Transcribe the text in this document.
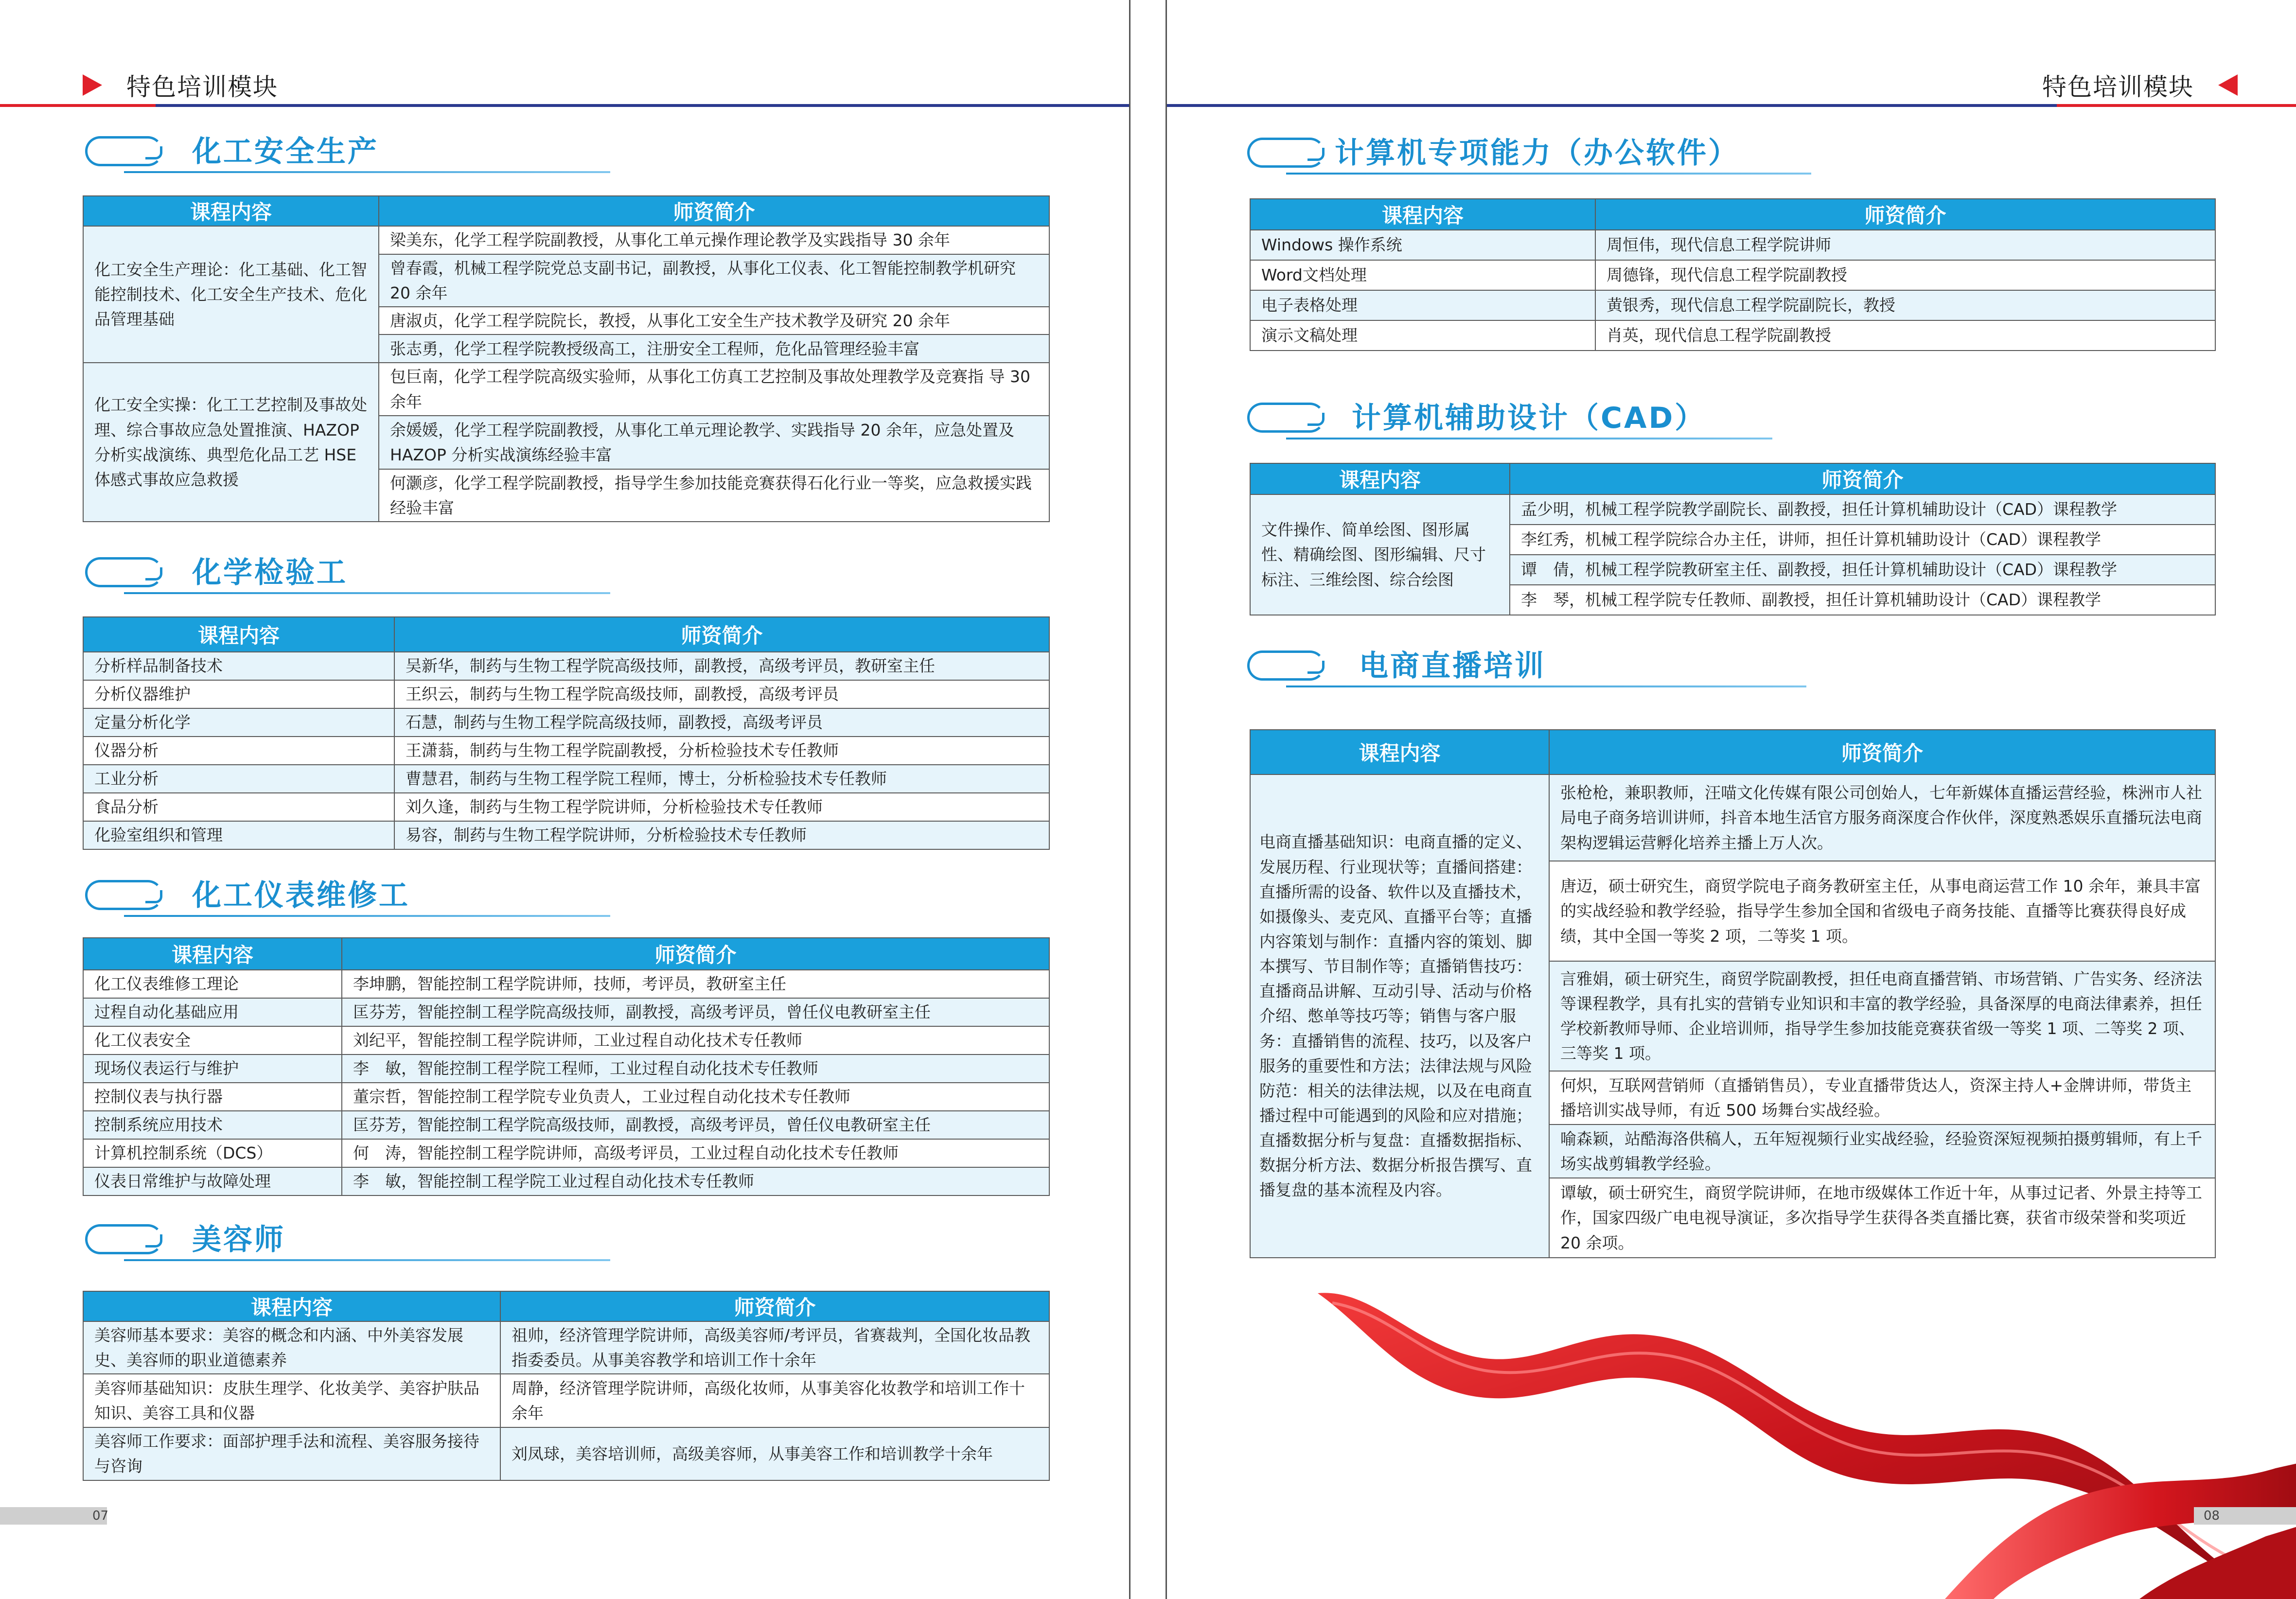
特色培训模块
化工安全生产
课程内容	师资简介
化工安全生产理论：化工基础、化工智能控制技术、化工安全生产技术、危化品管理基础	梁美东，化学工程学院副教授，从事化工单元操作理论教学及实践指导 30 余年
	曾春霞，机械工程学院党总支副书记，副教授，从事化工仪表、化工智能控制教学机研究 20 余年
	唐淑贞，化学工程学院院长，教授，从事化工安全生产技术教学及研究 20 余年
	张志勇，化学工程学院教授级高工，注册安全工程师，危化品管理经验丰富
化工安全实操：化工工艺控制及事故处理、综合事故应急处置推演、HAZOP 分析实战演练、典型危化品工艺 HSE 体感式事故应急救援	包巨南，化学工程学院高级实验师，从事化工仿真工艺控制及事故处理教学及竞赛指 导 30 余年
	余媛媛，化学工程学院副教授，从事化工单元理论教学、实践指导 20 余年，应急处置及 HAZOP 分析实战演练经验丰富
	何灏彦，化学工程学院副教授，指导学生参加技能竞赛获得石化行业一等奖，应急救援实践经验丰富
化学检验工
课程内容	师资简介
分析样品制备技术	吴新华，制药与生物工程学院高级技师，副教授，高级考评员，教研室主任
分析仪器维护	王织云，制药与生物工程学院高级技师，副教授，高级考评员
定量分析化学	石慧，制药与生物工程学院高级技师，副教授，高级考评员
仪器分析	王潇蓊，制药与生物工程学院副教授，分析检验技术专任教师
工业分析	曹慧君，制药与生物工程学院工程师，博士，分析检验技术专任教师
食品分析	刘久逢，制药与生物工程学院讲师，分析检验技术专任教师
化验室组织和管理	易容，制药与生物工程学院讲师，分析检验技术专任教师
化工仪表维修工
课程内容	师资简介
化工仪表维修工理论	李坤鹏，智能控制工程学院讲师，技师，考评员，教研室主任
过程自动化基础应用	匡芬芳，智能控制工程学院高级技师，副教授，高级考评员，曾任仪电教研室主任
化工仪表安全	刘纪平，智能控制工程学院讲师，工业过程自动化技术专任教师
现场仪表运行与维护	李　敏，智能控制工程学院工程师，工业过程自动化技术专任教师
控制仪表与执行器	董宗哲，智能控制工程学院专业负责人，工业过程自动化技术专任教师
控制系统应用技术	匡芬芳，智能控制工程学院高级技师，副教授，高级考评员，曾任仪电教研室主任
计算机控制系统（DCS）	何　涛，智能控制工程学院讲师，高级考评员，工业过程自动化技术专任教师
仪表日常维护与故障处理	李　敏，智能控制工程学院工业过程自动化技术专任教师
美容师
课程内容	师资简介
美容师基本要求：美容的概念和内涵、中外美容发展史、美容师的职业道德素养	祖帅，经济管理学院讲师，高级美容师/考评员，省赛裁判，全国化妆品教指委委员。从事美容教学和培训工作十余年
美容师基础知识：皮肤生理学、化妆美学、美容护肤品知识、美容工具和仪器	周静，经济管理学院讲师，高级化妆师，从事美容化妆教学和培训工作十余年
美容师工作要求：面部护理手法和流程、美容服务接待与咨询	刘凤球，美容培训师，高级美容师，从事美容工作和培训教学十余年
07
特色培训模块
计算机专项能力（办公软件）
课程内容	师资简介
Windows 操作系统	周恒伟，现代信息工程学院讲师
Word文档处理	周德锋，现代信息工程学院副教授
电子表格处理	黄银秀，现代信息工程学院副院长，教授
演示文稿处理	肖英，现代信息工程学院副教授
计算机辅助设计（CAD）
课程内容	师资简介
文件操作、简单绘图、图形属性、精确绘图、图形编辑、尺寸标注、三维绘图、综合绘图	孟少明，机械工程学院教学副院长、副教授，担任计算机辅助设计（CAD）课程教学
	李红秀，机械工程学院综合办主任，讲师，担任计算机辅助设计（CAD）课程教学
	谭　倩，机械工程学院教研室主任、副教授，担任计算机辅助设计（CAD）课程教学
	李　琴，机械工程学院专任教师、副教授，担任计算机辅助设计（CAD）课程教学
电商直播培训
课程内容	师资简介
电商直播基础知识：电商直播的定义、发展历程、行业现状等；直播间搭建：直播所需的设备、软件以及直播技术，如摄像头、麦克风、直播平台等；直播内容策划与制作：直播内容的策划、脚本撰写、节目制作等；直播销售技巧：直播商品讲解、互动引导、活动与价格介绍、憋单等技巧等；销售与客户服务：直播销售的流程、技巧，以及客户服务的重要性和方法；法律法规与风险防范：相关的法律法规，以及在电商直播过程中可能遇到的风险和应对措施；直播数据分析与复盘：直播数据指标、数据分析方法、数据分析报告撰写、直播复盘的基本流程及内容。	张枪枪，兼职教师，汪喵文化传媒有限公司创始人，七年新媒体直播运营经验，株洲市人社局电子商务培训讲师，抖音本地生活官方服务商深度合作伙伴，深度熟悉娱乐直播玩法电商架构逻辑运营孵化培养主播上万人次。
	唐迈，硕士研究生，商贸学院电子商务教研室主任，从事电商运营工作 10 余年，兼具丰富的实战经验和教学经验，指导学生参加全国和省级电子商务技能、直播等比赛获得良好成绩，其中全国一等奖 2 项，二等奖 1 项。
	言雅娟，硕士研究生，商贸学院副教授，担任电商直播营销、市场营销、广告实务、经济法等课程教学，具有扎实的营销专业知识和丰富的教学经验，具备深厚的电商法律素养，担任学校新教师导师、企业培训师，指导学生参加技能竞赛获省级一等奖 1 项、二等奖 2 项、三等奖 1 项。
	何炽，互联网营销师（直播销售员），专业直播带货达人，资深主持人+金牌讲师，带货主播培训实战导师，有近 500 场舞台实战经验。
	喻森颖，站酷海洛供稿人，五年短视频行业实战经验，经验资深短视频拍摄剪辑师，有上千场实战剪辑教学经验。
	谭敏，硕士研究生，商贸学院讲师，在地市级媒体工作近十年，从事过记者、外景主持等工作，国家四级广电电视导演证，多次指导学生获得各类直播比赛，获省市级荣誉和奖项近 20 余项。
08
